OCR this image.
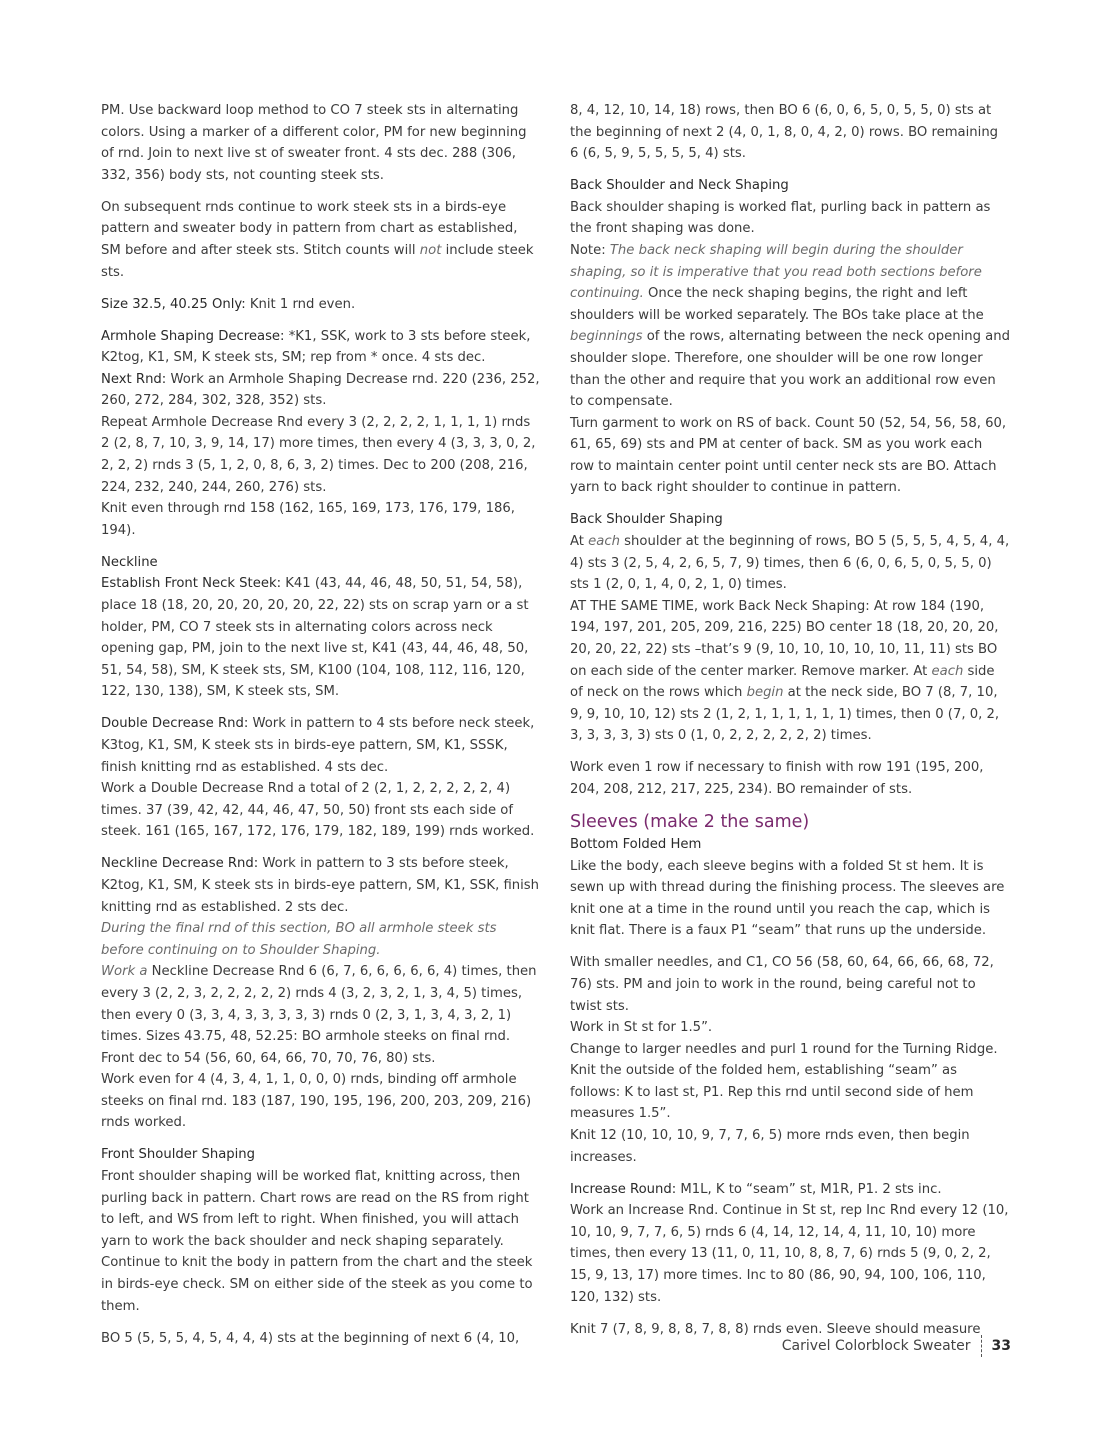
PM. Use backward loop method to CO 7 steek sts in alternating colors. Using a marker of a different color, PM for new beginning of rnd. Join to next live st of sweater front. 4 sts dec. 288 (306, 332, 356) body sts, not counting steek sts.

On subsequent rnds continue to work steek sts in a birds-eye pattern and sweater body in pattern from chart as established, SM before and after steek sts. Stitch counts will not include steek sts.

Size 32.5, 40.25 Only: Knit 1 rnd even.

Armhole Shaping Decrease: *K1, SSK, work to 3 sts before steek, K2tog, K1, SM, K steek sts, SM; rep from * once. 4 sts dec.

Next Rnd: Work an Armhole Shaping Decrease rnd. 220 (236, 252, 260, 272, 284, 302, 328, 352) sts.

Repeat Armhole Decrease Rnd every 3 (2, 2, 2, 2, 1, 1, 1, 1) rnds 2 (2, 8, 7, 10, 3, 9, 14, 17) more times, then every 4 (3, 3, 3, 0, 2, 2, 2, 2) rnds 3 (5, 1, 2, 0, 8, 6, 3, 2) times. Dec to 200 (208, 216, 224, 232, 240, 244, 260, 276) sts.

Knit even through rnd 158 (162, 165, 169, 173, 176, 179, 186, 194).

Neckline

Establish Front Neck Steek: K41 (43, 44, 46, 48, 50, 51, 54, 58), place 18 (18, 20, 20, 20, 20, 20, 22, 22) sts on scrap yarn or a st holder, PM, CO 7 steek sts in alternating colors across neck opening gap, PM, join to the next live st, K41 (43, 44, 46, 48, 50, 51, 54, 58), SM, K steek sts, SM, K100 (104, 108, 112, 116, 120, 122, 130, 138), SM, K steek sts, SM.

Double Decrease Rnd: Work in pattern to 4 sts before neck steek, K3tog, K1, SM, K steek sts in birds-eye pattern, SM, K1, SSSK, finish knitting rnd as established. 4 sts dec.

Work a Double Decrease Rnd a total of 2 (2, 1, 2, 2, 2, 2, 2, 4) times. 37 (39, 42, 42, 44, 46, 47, 50, 50) front sts each side of steek. 161 (165, 167, 172, 176, 179, 182, 189, 199) rnds worked.

Neckline Decrease Rnd: Work in pattern to 3 sts before steek, K2tog, K1, SM, K steek sts in birds-eye pattern, SM, K1, SSK, finish knitting rnd as established. 2 sts dec.

During the final rnd of this section, BO all armhole steek sts before continuing on to Shoulder Shaping.

Work a Neckline Decrease Rnd 6 (6, 7, 6, 6, 6, 6, 6, 4) times, then every 3 (2, 2, 3, 2, 2, 2, 2, 2) rnds 4 (3, 2, 3, 2, 1, 3, 4, 5) times, then every 0 (3, 3, 4, 3, 3, 3, 3, 3) rnds 0 (2, 3, 1, 3, 4, 3, 2, 1) times. Sizes 43.75, 48, 52.25: BO armhole steeks on final rnd. Front dec to 54 (56, 60, 64, 66, 70, 70, 76, 80) sts.

Work even for 4 (4, 3, 4, 1, 1, 0, 0, 0) rnds, binding off armhole steeks on final rnd. 183 (187, 190, 195, 196, 200, 203, 209, 216) rnds worked.

Front Shoulder Shaping

Front shoulder shaping will be worked flat, knitting across, then purling back in pattern. Chart rows are read on the RS from right to left, and WS from left to right. When finished, you will attach yarn to work the back shoulder and neck shaping separately. Continue to knit the body in pattern from the chart and the steek in birds-eye check. SM on either side of the steek as you come to them.

BO 5 (5, 5, 5, 4, 5, 4, 4, 4) sts at the beginning of next 6 (4, 10,

8, 4, 12, 10, 14, 18) rows, then BO 6 (6, 0, 6, 5, 0, 5, 5, 0) sts at the beginning of next 2 (4, 0, 1, 8, 0, 4, 2, 0) rows. BO remaining 6 (6, 5, 9, 5, 5, 5, 5, 4) sts.

Back Shoulder and Neck Shaping

Back shoulder shaping is worked flat, purling back in pattern as the front shaping was done.

Note: The back neck shaping will begin during the shoulder shaping, so it is imperative that you read both sections before continuing. Once the neck shaping begins, the right and left shoulders will be worked separately. The BOs take place at the beginnings of the rows, alternating between the neck opening and shoulder slope. Therefore, one shoulder will be one row longer than the other and require that you work an additional row even to compensate.

Turn garment to work on RS of back. Count 50 (52, 54, 56, 58, 60, 61, 65, 69) sts and PM at center of back. SM as you work each row to maintain center point until center neck sts are BO. Attach yarn to back right shoulder to continue in pattern.

Back Shoulder Shaping

At each shoulder at the beginning of rows, BO 5 (5, 5, 5, 4, 5, 4, 4, 4) sts 3 (2, 5, 4, 2, 6, 5, 7, 9) times, then 6 (6, 0, 6, 5, 0, 5, 5, 0) sts 1 (2, 0, 1, 4, 0, 2, 1, 0) times.

AT THE SAME TIME, work Back Neck Shaping: At row 184 (190, 194, 197, 201, 205, 209, 216, 225) BO center 18 (18, 20, 20, 20, 20, 20, 22, 22) sts –that’s 9 (9, 10, 10, 10, 10, 10, 11, 11) sts BO on each side of the center marker. Remove marker. At each side of neck on the rows which begin at the neck side, BO 7 (8, 7, 10, 9, 9, 10, 10, 12) sts 2 (1, 2, 1, 1, 1, 1, 1, 1) times, then 0 (7, 0, 2, 3, 3, 3, 3, 3) sts 0 (1, 0, 2, 2, 2, 2, 2, 2) times.

Work even 1 row if necessary to finish with row 191 (195, 200, 204, 208, 212, 217, 225, 234). BO remainder of sts.

Sleeves (make 2 the same)

Bottom Folded Hem

Like the body, each sleeve begins with a folded St st hem. It is sewn up with thread during the finishing process. The sleeves are knit one at a time in the round until you reach the cap, which is knit flat. There is a faux P1 “seam” that runs up the underside.

With smaller needles, and C1, CO 56 (58, 60, 64, 66, 66, 68, 72, 76) sts. PM and join to work in the round, being careful not to twist sts.

Work in St st for 1.5”.

Change to larger needles and purl 1 round for the Turning Ridge. Knit the outside of the folded hem, establishing “seam” as follows: K to last st, P1. Rep this rnd until second side of hem measures 1.5”.

Knit 12 (10, 10, 10, 9, 7, 7, 6, 5) more rnds even, then begin increases.

Increase Round: M1L, K to “seam” st, M1R, P1. 2 sts inc.

Work an Increase Rnd. Continue in St st, rep Inc Rnd every 12 (10, 10, 10, 9, 7, 7, 6, 5) rnds 6 (4, 14, 12, 14, 4, 11, 10, 10) more times, then every 13 (11, 0, 11, 10, 8, 8, 7, 6) rnds 5 (9, 0, 2, 2, 15, 9, 13, 17) more times. Inc to 80 (86, 90, 94, 100, 106, 110, 120, 132) sts.

Knit 7 (7, 8, 9, 8, 8, 7, 8, 8) rnds even. Sleeve should measure

Carivel Colorblock Sweater 33
